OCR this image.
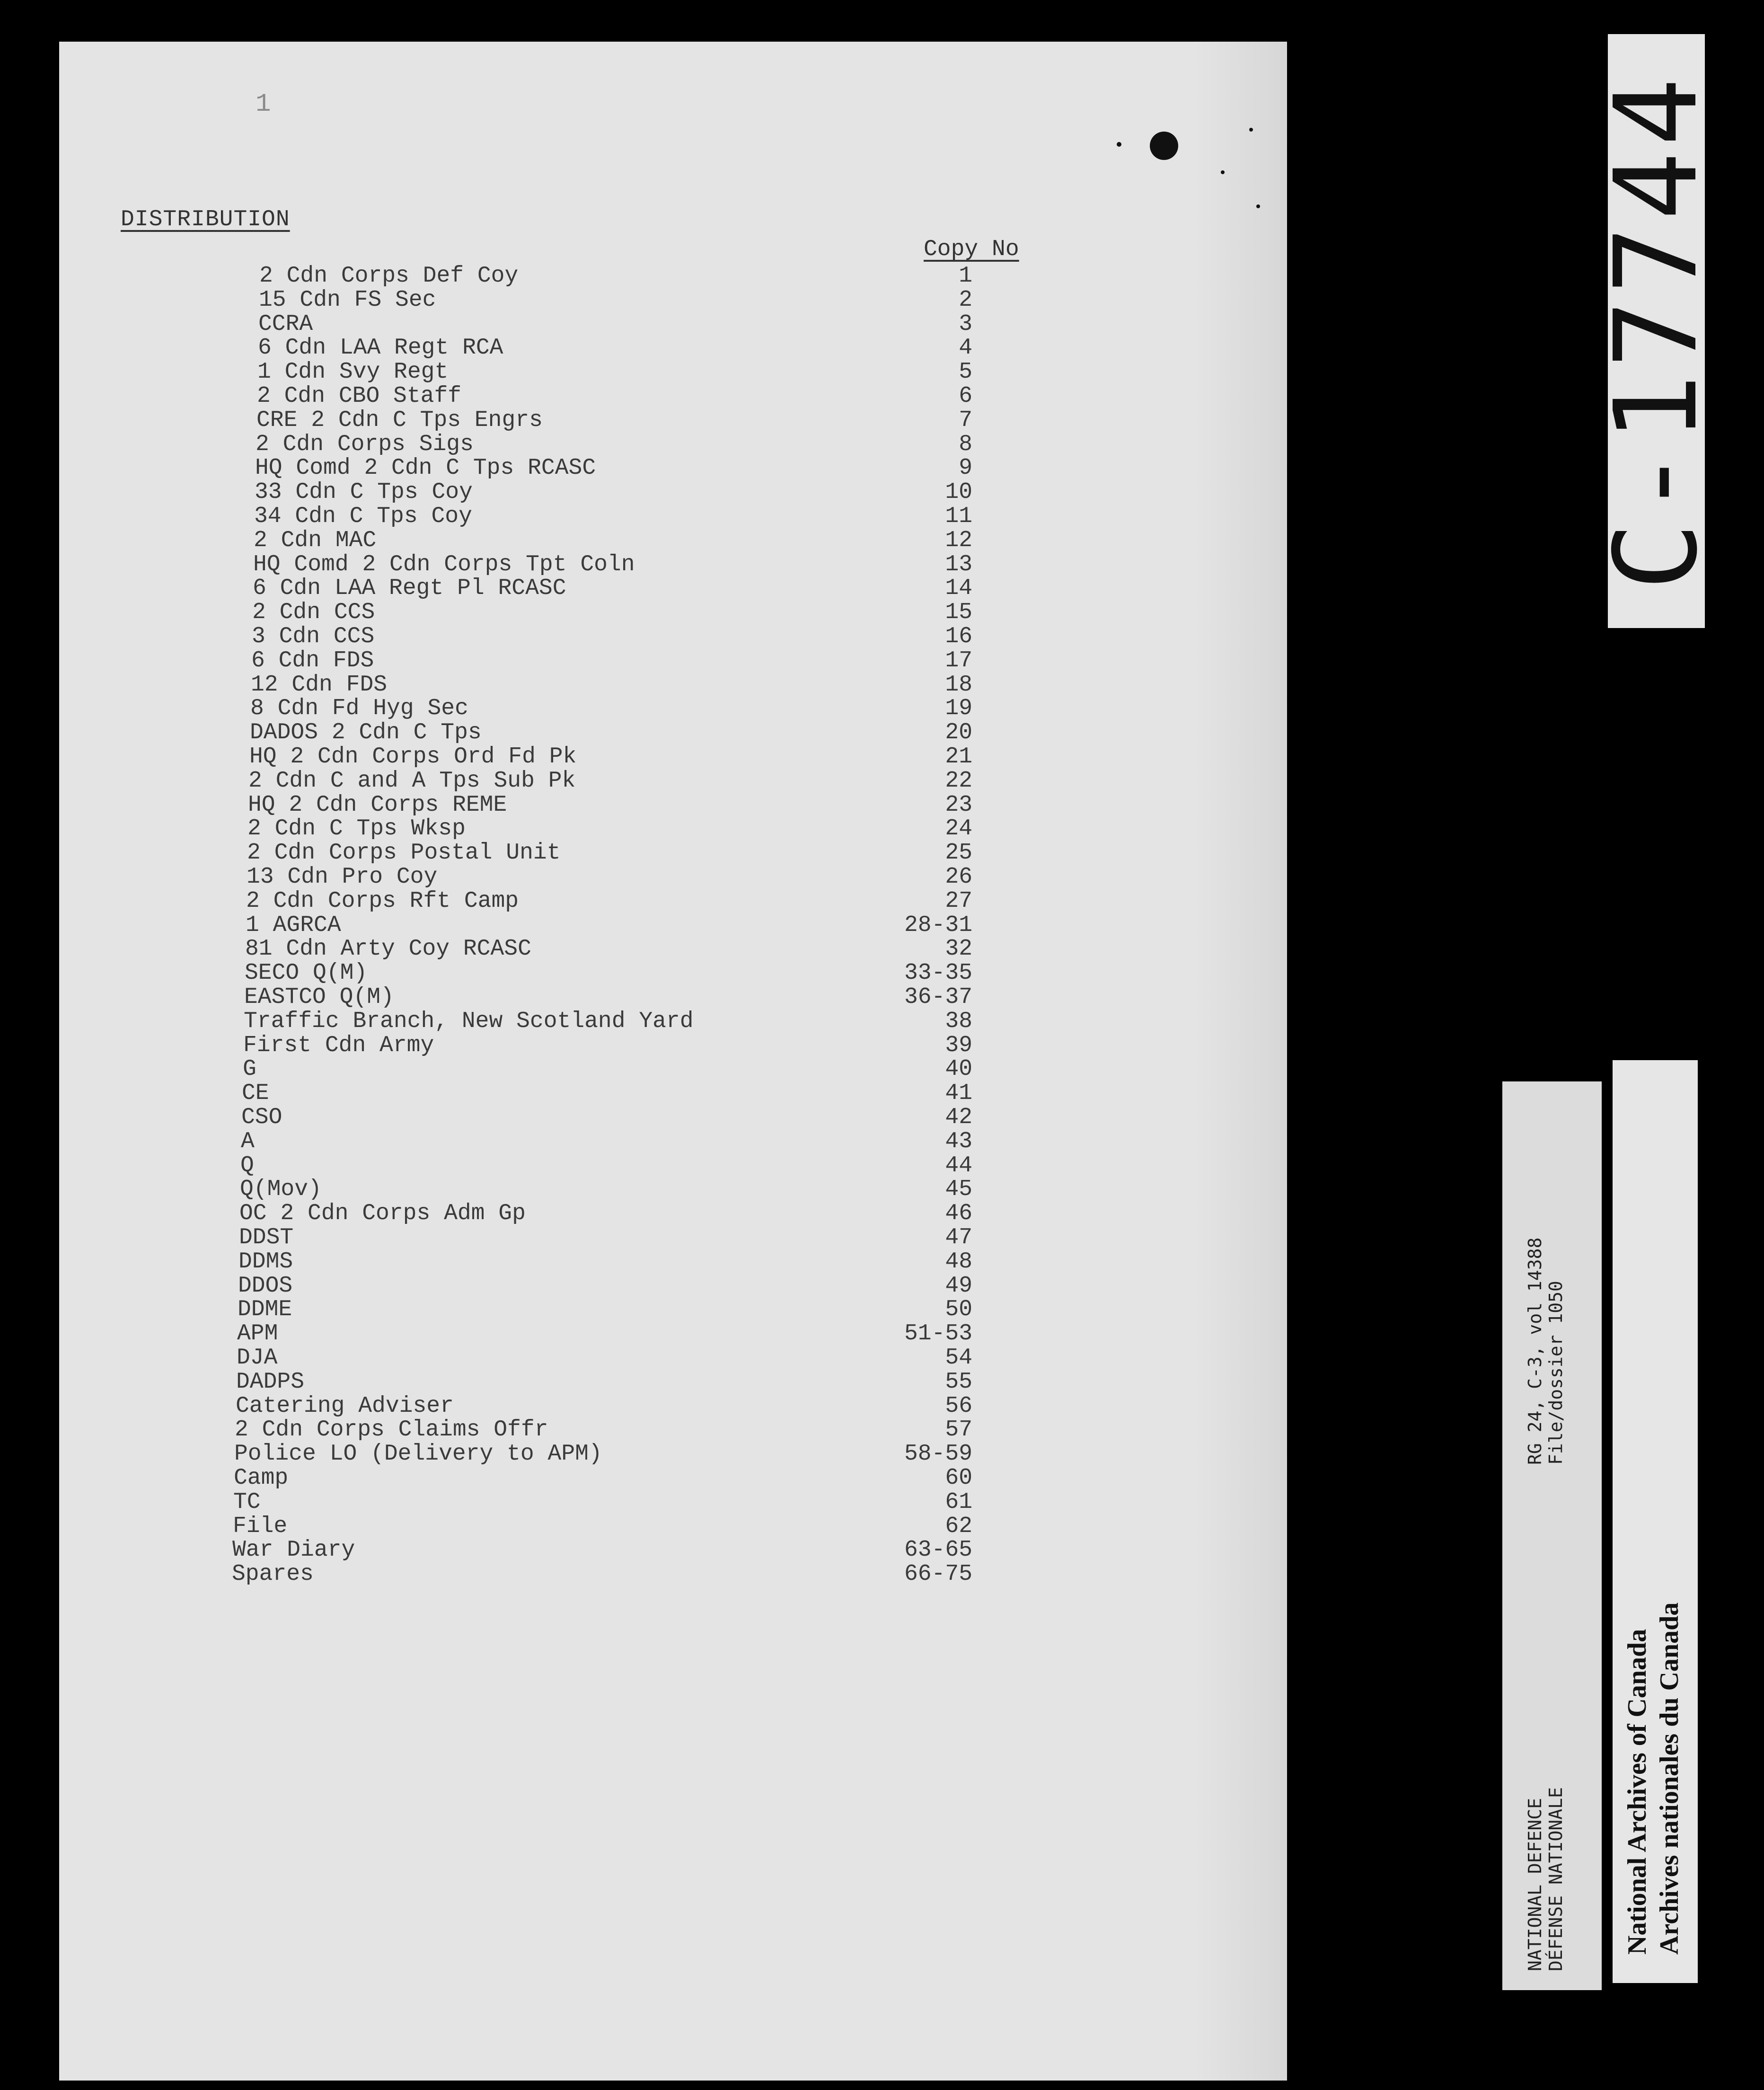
1
DISTRIBUTION
Copy No
2 Cdn Corps Def Coy	1
15 Cdn FS Sec	2
CCRA	3
6 Cdn LAA Regt RCA	4
1 Cdn Svy Regt	5
2 Cdn CBO Staff	6
CRE 2 Cdn C Tps Engrs	7
2 Cdn Corps Sigs	8
HQ Comd 2 Cdn C Tps RCASC	9
33 Cdn C Tps Coy	10
34 Cdn C Tps Coy	11
2 Cdn MAC	12
HQ Comd 2 Cdn Corps Tpt Coln	13
6 Cdn LAA Regt Pl RCASC	14
2 Cdn CCS	15
3 Cdn CCS	16
6 Cdn FDS	17
12 Cdn FDS	18
8 Cdn Fd Hyg Sec	19
DADOS 2 Cdn C Tps	20
HQ 2 Cdn Corps Ord Fd Pk	21
2 Cdn C and A Tps Sub Pk	22
HQ 2 Cdn Corps REME	23
2 Cdn C Tps Wksp	24
2 Cdn Corps Postal Unit	25
13 Cdn Pro Coy	26
2 Cdn Corps Rft Camp	27
1 AGRCA	28-31
81 Cdn Arty Coy RCASC	32
SECO Q(M)	33-35
EASTCO Q(M)	36-37
Traffic Branch, New Scotland Yard	38
First Cdn Army	39
G	40
CE	41
CSO	42
A	43
Q	44
Q(Mov)	45
OC 2 Cdn Corps Adm Gp	46
DDST	47
DDMS	48
DDOS	49
DDME	50
APM	51-53
DJA	54
DADPS	55
Catering Adviser	56
2 Cdn Corps Claims Offr	57
Police LO (Delivery to APM)	58-59
Camp	60
TC	61
File	62
War Diary	63-65
Spares	66-75
C-17744
NATIONAL DEFENCE DÉFENSE NATIONALE
RG 24, C-3, vol 14388 File/dossier 1050
National Archives of Canada Archives nationales du Canada
